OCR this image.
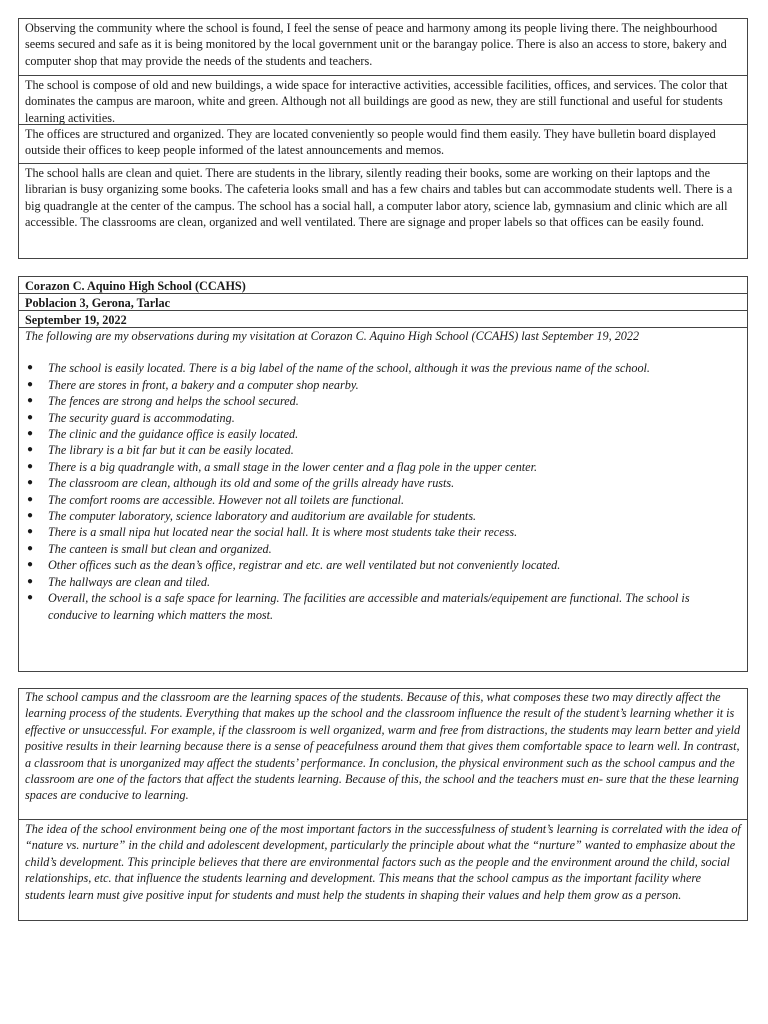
Observing the community where the school is found, I feel the sense of peace and harmony among its people living there. The neighbourhood seems secured and safe as it is being monitored by the local government unit or the barangay police. There is also an access to store, bakery and computer shop that may provide the needs of the students and teachers.
The school is compose of old and new buildings, a wide space for interactive activities, accessible facilities, offices, and services. The color that dominates the campus are maroon, white and green. Although not all buildings are good as new, they are still functional and useful for students learning activities.
The offices are structured and organized. They are located conveniently so people would find them easily. They have bulletin board displayed outside their offices to keep people informed of the latest announcements and memos.
The school halls are clean and quiet. There are students in the library, silently reading their books, some are working on their laptops and the librarian is busy organizing some books. The cafeteria looks small and has a few chairs and tables but can accommodate students well. There is a big quadrangle at the center of the campus. The school has a social hall, a computer labor atory, science lab, gymnasium and clinic which are all accessible. The classrooms are clean, organized and well ventilated. There are signage and proper labels so that offices can be easily found.
Corazon C. Aquino High School (CCAHS)
Poblacion 3, Gerona, Tarlac
September 19, 2022

The following are my observations during my visitation at Corazon C. Aquino High School (CCAHS) last September 19, 2022

● The school is easily located. There is a big label of the name of the school, although it was the previous name of the school.
● There are stores in front, a bakery and a computer shop nearby.
● The fences are strong and helps the school secured.
● The security guard is accommodating.
● The clinic and the guidance office is easily located.
● The library is a bit far but it can be easily located.
● There is a big quadrangle with, a small stage in the lower center and a flag pole in the upper center.
● The classroom are clean, although its old and some of the grills already have rusts.
● The comfort rooms are accessible. However not all toilets are functional.
● The computer laboratory, science laboratory and auditorium are available for students.
● There is a small nipa hut located near the social hall. It is where most students take their recess.
● The canteen is small but clean and organized.
● Other offices such as the dean’s office, registrar and etc. are well ventilated but not conveniently located.
● The hallways are clean and tiled.
● Overall, the school is a safe space for learning. The facilities are accessible and materials/equipement are functional. The school is conducive to learning which matters the most.
The school campus and the classroom are the learning spaces of the students. Because of this, what composes these two may directly affect the learning process of the students. Everything that makes up the school and the classroom influence the result of the student’s learning whether it is effective or unsuccessful. For example, if the classroom is well organized, warm and free from distractions, the students may learn better and yield positive results in their learning because there is a sense of peacefulness around them that gives them comfortable space to learn well. In contrast, a classroom that is unorganized may affect the students’ performance. In conclusion, the physical environment such as the school campus and the classroom are one of the factors that affect the students learning. Because of this, the school and the teachers must en- sure that the these learning spaces are conducive to learning.
The idea of the school environment being one of the most important factors in the successfulness of student’s learning is correlated with the idea of “nature vs. nurture” in the child and adolescent development, particularly the principle about what the “nurture” wanted to emphasize about the child’s development. This principle believes that there are environmental factors such as the people and the environment around the child, social relationships, etc. that influence the students learning and development. This means that the school campus as the important facility where students learn must give positive input for students and must help the students in shaping their values and help them grow as a person.
